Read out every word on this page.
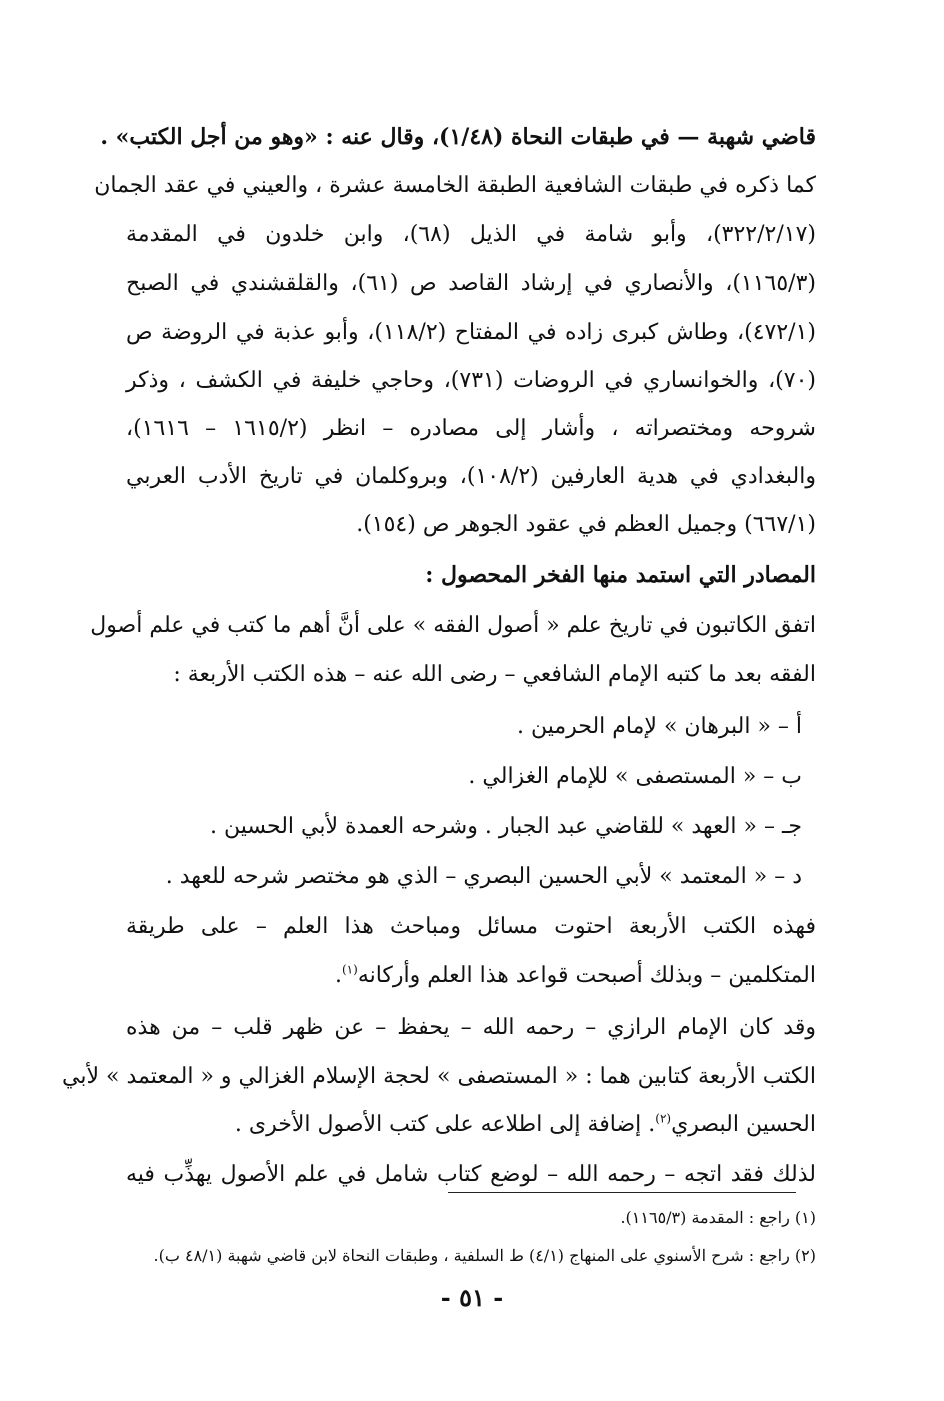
قاضي شهبة — في طبقات النحاة (١/٤٨)، وقال عنه : «وهو من أجل الكتب» .
كما ذكره في طبقات الشافعية الطبقة الخامسة عشرة ، والعيني في عقد الجمان
(٣٢٢/٢/١٧)، وأبو شامة في الذيل (٦٨)، وابن خلدون في المقدمة
(١١٦٥/٣)، والأنصاري في إرشاد القاصد ص (٦١)، والقلقشندي في الصبح
(٤٧٢/١)، وطاش كبرى زاده في المفتاح (١١٨/٢)، وأبو عذبة في الروضة ص
(٧٠)، والخوانساري في الروضات (٧٣١)، وحاجي خليفة في الكشف ، وذكر
شروحه ومختصراته ، وأشار إلى مصادره – انظر (١٦١٥/٢ – ١٦١٦)،
والبغدادي في هدية العارفين (١٠٨/٢)، وبروكلمان في تاريخ الأدب العربي
(٦٦٧/١) وجميل العظم في عقود الجوهر ص (١٥٤).
المصادر التي استمد منها الفخر المحصول :
اتفق الكاتبون في تاريخ علم « أصول الفقه » على أنَّ أهم ما كتب في علم أصول
الفقه بعد ما كتبه الإمام الشافعي – رضى الله عنه – هذه الكتب الأربعة :
أ – « البرهان » لإمام الحرمين .
ب – « المستصفى » للإمام الغزالي .
جـ – « العهد » للقاضي عبد الجبار . وشرحه العمدة لأبي الحسين .
د – « المعتمد » لأبي الحسين البصري – الذي هو مختصر شرحه للعهد .
فهذه الكتب الأربعة احتوت مسائل ومباحث هذا العلم – على طريقة
المتكلمين – وبذلك أصبحت قواعد هذا العلم وأركانه$^{(١)}$.
وقد كان الإمام الرازي – رحمه الله – يحفظ – عن ظهر قلب – من هذه
الكتب الأربعة كتابين هما : « المستصفى » لحجة الإسلام الغزالي و « المعتمد » لأبي
الحسين البصري$^{(٢)}$. إضافة إلى اطلاعه على كتب الأصول الأخرى .
لذلك فقد اتجه – رحمه الله – لوضع كتاب شامل في علم الأصول يهذِّب فيه
(١) راجع : المقدمة (١١٦٥/٣).
(٢) راجع : شرح الأسنوي على المنهاج (٤/١) ط السلفية ، وطبقات النحاة لابن قاضي شهبة (٤٨/١ ب).
- ٥١ -
